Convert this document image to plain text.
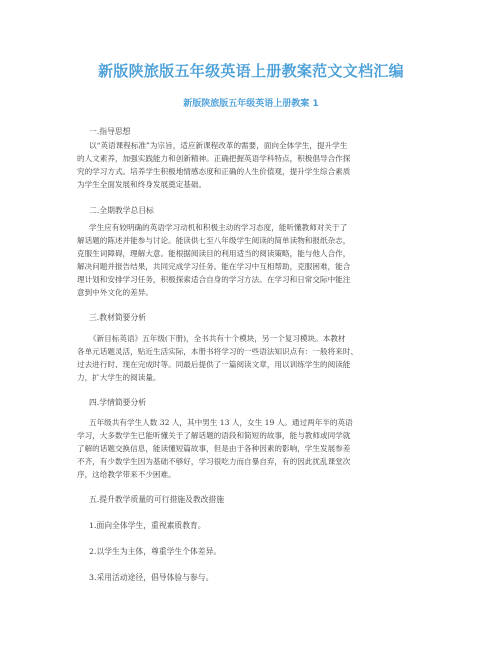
新版陕旅版五年级英语上册教案范文文档汇编
新版陕旅版五年级英语上册教案 1
一.指导思想
以“英语课程标准”为宗旨，适应新课程改革的需要，面向全体学生，提升学生
的人文素养，加强实践能力和创新精神。正确把握英语学科特点，积极倡导合作探
究的学习方式。培养学生积极地情感态度和正确的人生价值观，提升学生综合素质
为学生全面发展和终身发展奠定基础。
二.全期教学总目标
学生应有较明确的英语学习动机和积极主动的学习态度，能听懂教师对关于了
解话题的陈述并能参与讨论。能读供七至八年级学生阅读的简单读物和报纸杂志，
克服生词障碍，理解大意。能根据阅读目的利用适当的阅读策略，能与他人合作，
解决问题并报告结果，共同完成学习任务。能在学习中互相帮助，克服困难，能合
理计划和安排学习任务，积极探索适合自身的学习方法。在学习和日常交际中能注
意到中外文化的差异。
三.教材简要分析
《新目标英语》五年级(下册)，全书共有十个模块，另一个复习模块。本教材
各单元话题灵活，贴近生活实际，本册书将学习的一些语法知识点有：一般将来时、
过去进行时、现在完成时等。同最后提供了一篇阅读文章，用以训练学生的阅读能
力，扩大学生的阅读量。
四.学情简要分析
五年级共有学生人数 32 人，其中男生 13 人，女生 19 人。通过两年半的英语
学习，大多数学生已能听懂关于了解话题的语段和简短的故事，能与教师或同学就
了解的话题交换信息，能读懂短篇故事，但是由于各种因素的影响，学生发展参差
不齐，有少数学生因为基础不够好，学习很吃力而自暴自弃，有的因此扰乱课堂次
序，这给教学带来不少困难。
五.提升教学质量的可行措施及教改措施
1.面向全体学生，重视素质教育。
2.以学生为主体，尊重学生个体差异。
3.采用活动途径，倡导体验与参与。
